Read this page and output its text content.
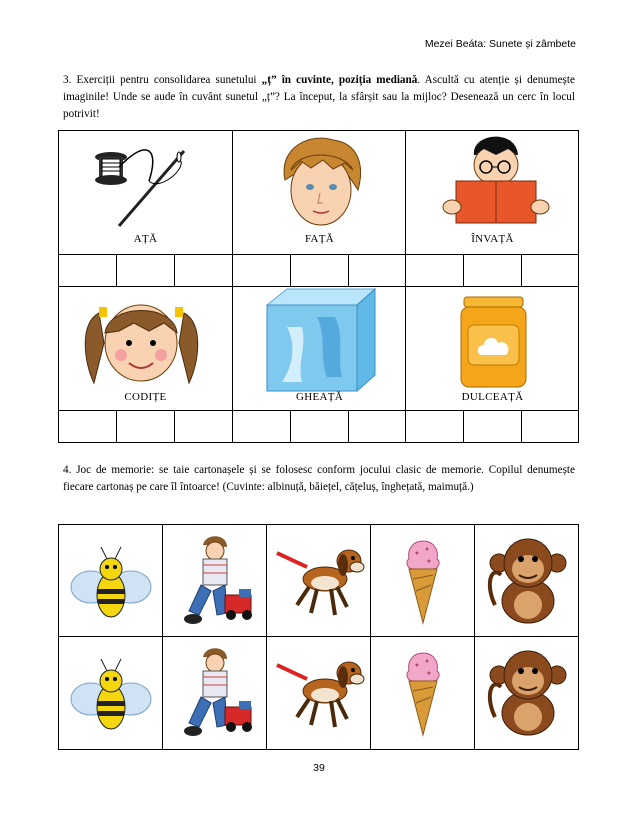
Mezei Beáta: Sunete și zâmbete
3. Exerciții pentru consolidarea sunetului „ț” în cuvinte, poziția mediană. Ascultă cu atenție și denumește imaginile! Unde se aude în cuvânt sunetul „ț”? La început, la sfârșit sau la mijloc? Desenează un cerc în locul potrivit!
AȚĂ	FAȚĂ	ÎNVAȚĂ
CODIȚE	GHEAȚĂ	DULCEAȚĂ
4. Joc de memorie: se taie cartonașele și se folosesc conform jocului clasic de memorie. Copilul denumește fiecare cartonaș pe care îl întoarce! (Cuvinte: albinuță, băiețel, cățeluș, înghețată, maimuță.)
39
